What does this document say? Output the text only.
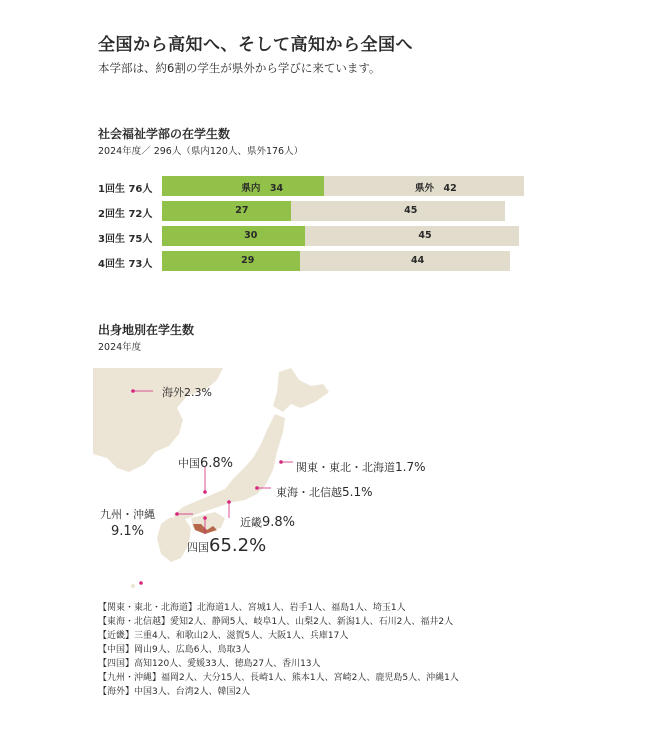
全国から高知へ、そして高知から全国へ
本学部は、約6割の学生が県外から学びに来ています。
社会福祉学部の在学生数
2024年度／ 296人（県内120人、県外176人）
1回生 76人	県内　34	県外　42
2回生 72人	27	45
3回生 75人	30	45
4回生 73人	29	44
出身地別在学生数
2024年度
海外2.3%
中国6.8%	関東・東北・北海道1.7%
東海・北信越5.1%
近畿9.8%
九州・沖縄
9.1%
四国65.2%
【関東・東北・北海道】北海道1人、宮城1人、岩手1人、福島1人、埼玉1人
【東海・北信越】愛知2人、静岡5人、岐阜1人、山梨2人、新潟1人、石川2人、福井2人
【近畿】三重4人、和歌山2人、滋賀5人、大阪1人、兵庫17人
【中国】岡山9人、広島6人、鳥取3人
【四国】高知120人、愛媛33人、徳島27人、香川13人
【九州・沖縄】福岡2人、大分15人、長崎1人、熊本1人、宮崎2人、鹿児島5人、沖縄1人
【海外】中国3人、台湾2人、韓国2人
